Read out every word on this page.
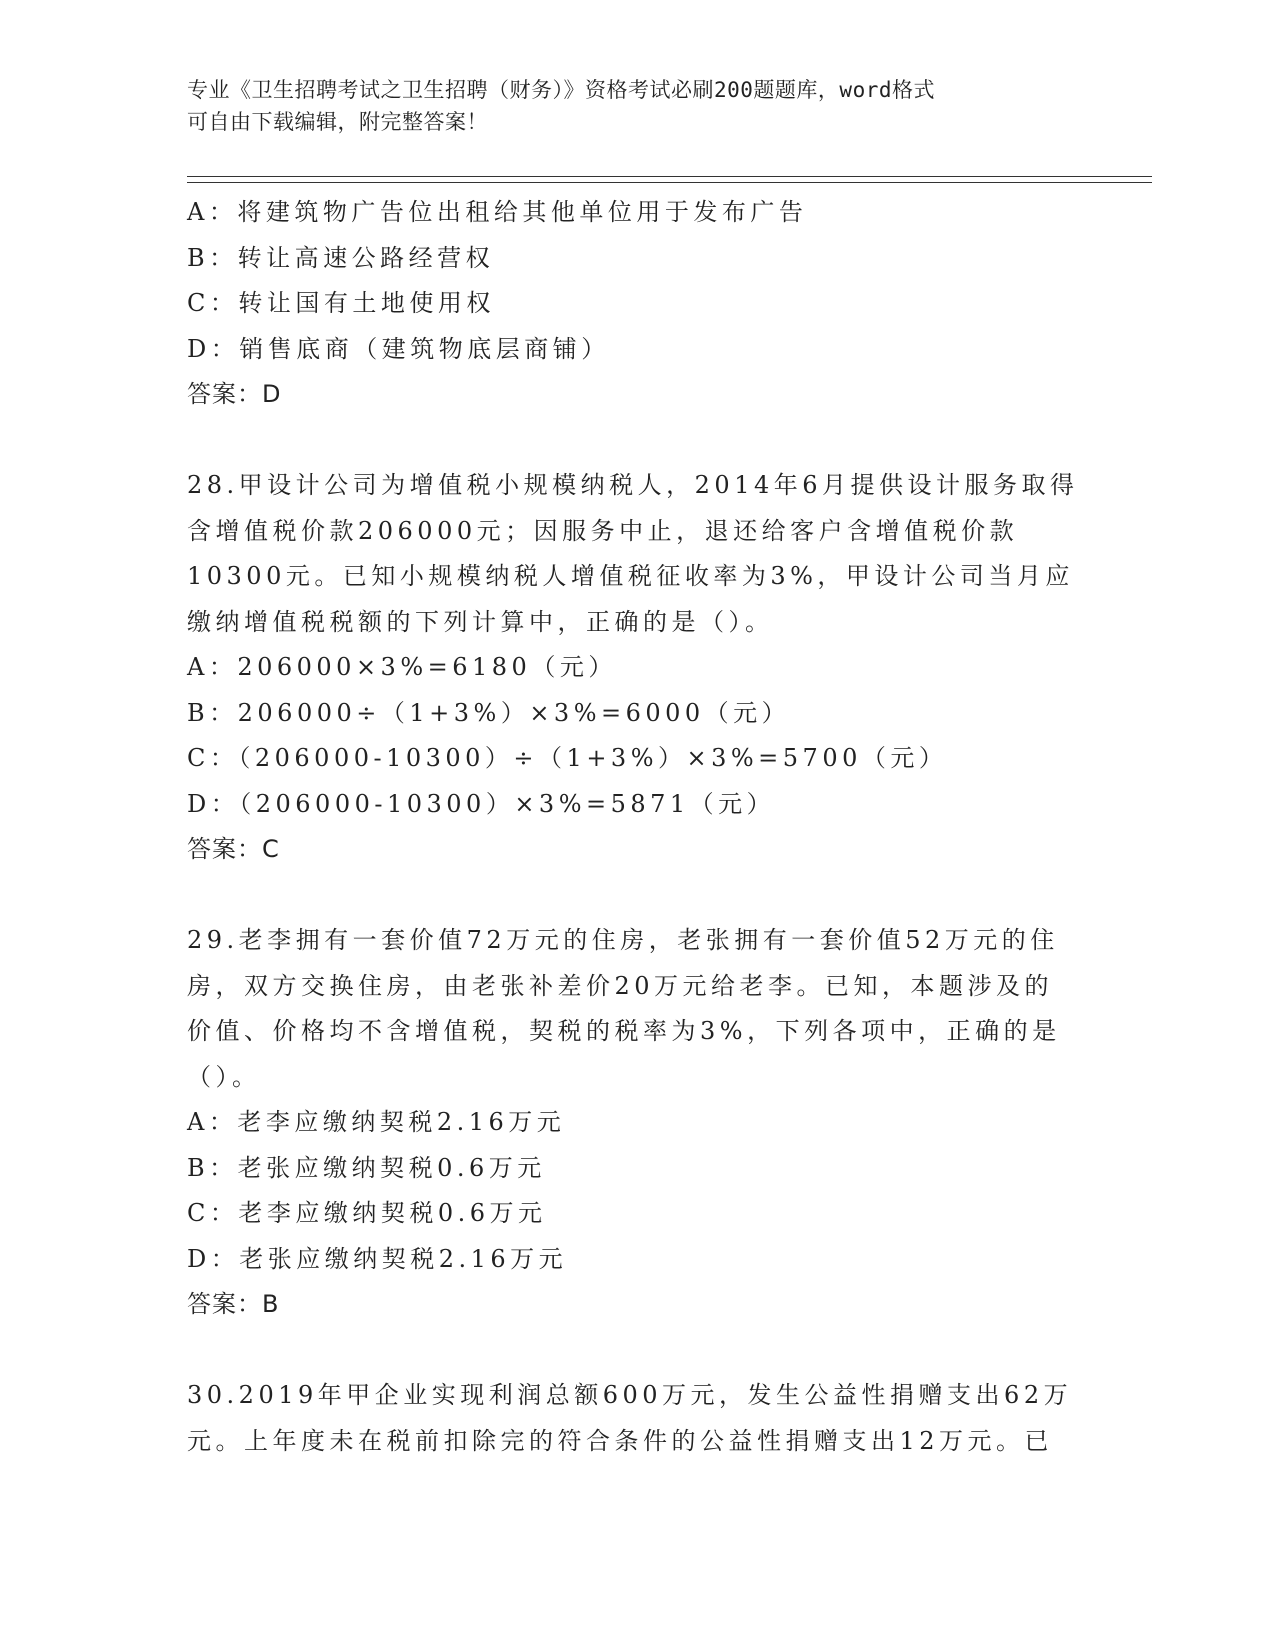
专业《卫生招聘考试之卫生招聘（财务）》资格考试必刷200题题库，word格式
可自由下载编辑，附完整答案！
A：将建筑物广告位出租给其他单位用于发布广告
B：转让高速公路经营权
C：转让国有土地使用权
D：销售底商（建筑物底层商铺）
答案：D
28.甲设计公司为增值税小规模纳税人，2014年6月提供设计服务取得
含增值税价款206000元；因服务中止，退还给客户含增值税价款
10300元。已知小规模纳税人增值税征收率为3%，甲设计公司当月应
缴纳增值税税额的下列计算中，正确的是（）。
A：206000×3%=6180（元）
B：206000÷（1+3%）×3%=6000（元）
C：（206000-10300）÷（1+3%）×3%=5700（元）
D：（206000-10300）×3%=5871（元）
答案：C
29.老李拥有一套价值72万元的住房，老张拥有一套价值52万元的住
房，双方交换住房，由老张补差价20万元给老李。已知，本题涉及的
价值、价格均不含增值税，契税的税率为3%，下列各项中，正确的是
（）。
A：老李应缴纳契税2.16万元
B：老张应缴纳契税0.6万元
C：老李应缴纳契税0.6万元
D：老张应缴纳契税2.16万元
答案：B
30.2019年甲企业实现利润总额600万元，发生公益性捐赠支出62万
元。上年度未在税前扣除完的符合条件的公益性捐赠支出12万元。已
